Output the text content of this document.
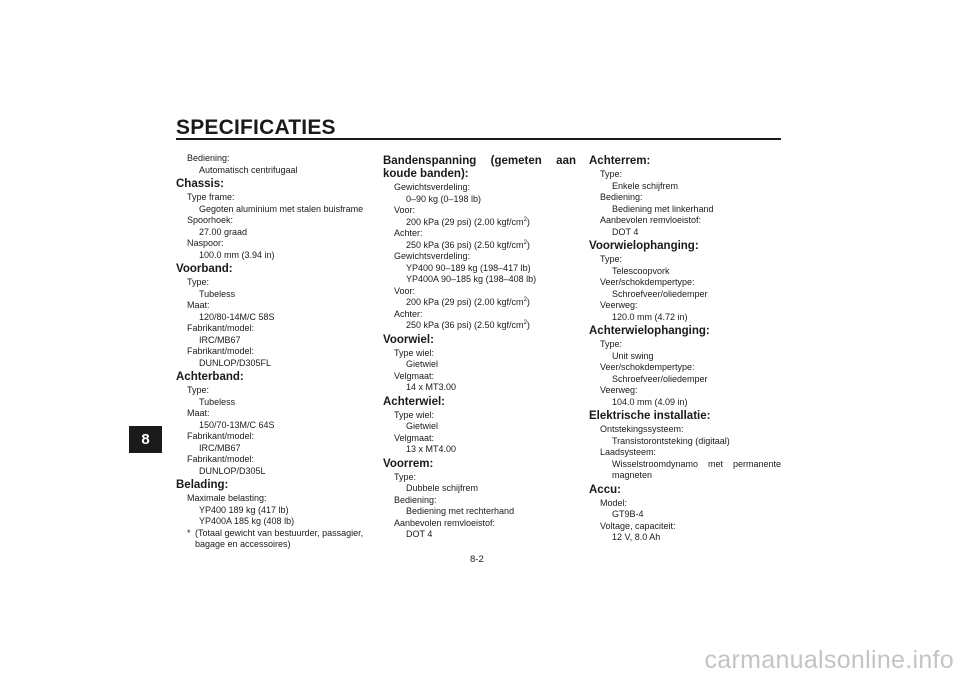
SPECIFICATIES
8
Bediening:
Automatisch centrifugaal
Chassis:
Type frame:
Gegoten aluminium met stalen buisframe
Spoorhoek:
27.00 graad
Naspoor:
100.0 mm (3.94 in)
Voorband:
Type:
Tubeless
Maat:
120/80-14M/C 58S
Fabrikant/model:
IRC/MB67
Fabrikant/model:
DUNLOP/D305FL
Achterband:
Type:
Tubeless
Maat:
150/70-13M/C 64S
Fabrikant/model:
IRC/MB67
Fabrikant/model:
DUNLOP/D305L
Belading:
Maximale belasting:
YP400 189 kg (417 lb)
YP400A 185 kg (408 lb)
* (Totaal gewicht van bestuurder, passagier, bagage en accessoires)
Bandenspanning (gemeten aan koude banden):
Gewichtsverdeling:
0–90 kg (0–198 lb)
Voor:
200 kPa (29 psi) (2.00 kgf/$cm^2$)
Achter:
250 kPa (36 psi) (2.50 kgf/$cm^2$)
Gewichtsverdeling:
YP400 90–189 kg (198–417 lb)
YP400A 90–185 kg (198–408 lb)
Voor:
200 kPa (29 psi) (2.00 kgf/$cm^2$)
Achter:
250 kPa (36 psi) (2.50 kgf/$cm^2$)
Voorwiel:
Type wiel:
Gietwiel
Velgmaat:
14 x MT3.00
Achterwiel:
Type wiel:
Gietwiel
Velgmaat:
13 x MT4.00
Voorrem:
Type:
Dubbele schijfrem
Bediening:
Bediening met rechterhand
Aanbevolen remvloeistof:
DOT 4
Achterrem:
Type:
Enkele schijfrem
Bediening:
Bediening met linkerhand
Aanbevolen remvloeistof:
DOT 4
Voorwielophanging:
Type:
Telescoopvork
Veer/schokdempertype:
Schroefveer/oliedemper
Veerweg:
120.0 mm (4.72 in)
Achterwielophanging:
Type:
Unit swing
Veer/schokdempertype:
Schroefveer/oliedemper
Veerweg:
104.0 mm (4.09 in)
Elektrische installatie:
Ontstekingssysteem:
Transistorontsteking (digitaal)
Laadsysteem:
Wisselstroomdynamo met permanente magneten
Accu:
Model:
GT9B-4
Voltage, capaciteit:
12 V, 8.0 Ah
8-2
carmanualsonline.info
